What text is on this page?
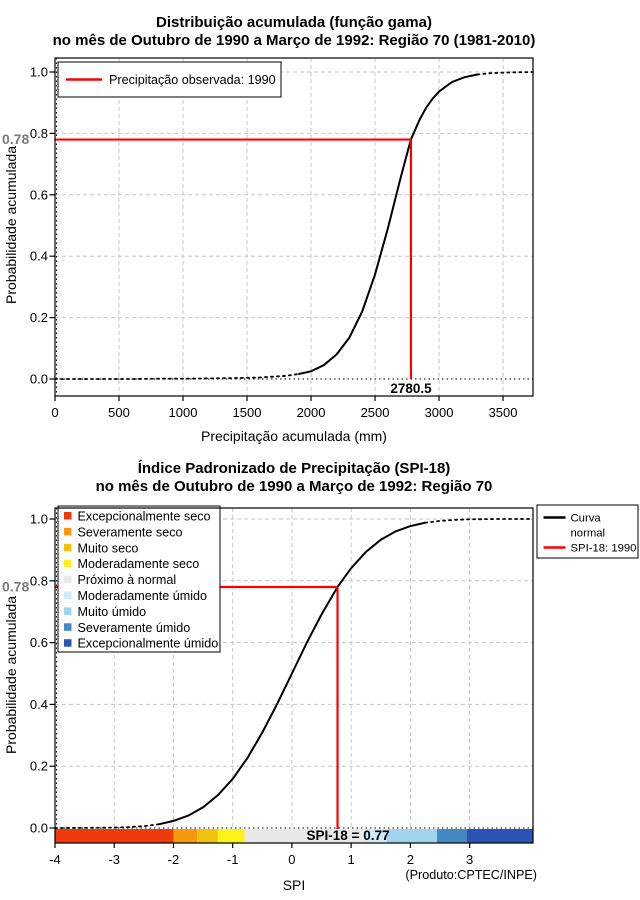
Distribuição acumulada (função gama)
no mês de Outubro de 1990 a Março de 1992: Região 70 (1981-2010)
0	500	1000	1500	2000	2500	3000	3500
0.0
0.2
0.4
0.6
0.8
1.0
0.78
2780.5
Precipitação observada: 1990
Precipitação acumulada (mm)
Probabilidade acumulada
Índice Padronizado de Precipitação (SPI-18)
no mês de Outubro de 1990 a Março de 1992: Região 70
SPI-18 = 0.77
-4	-3	-2	-1	0	1	2	3
0.0
0.2
0.4
0.6
0.8
1.0
0.78
Excepcionalmente seco
Severamente seco
Muito seco
Moderadamente seco
Próximo à normal
Moderadamente úmido
Muito úmido
Severamente úmido
Excepcionalmente úmido
Curva
normal
SPI-18: 1990
SPI
Probabilidade acumulada
(Produto:CPTEC/INPE)
